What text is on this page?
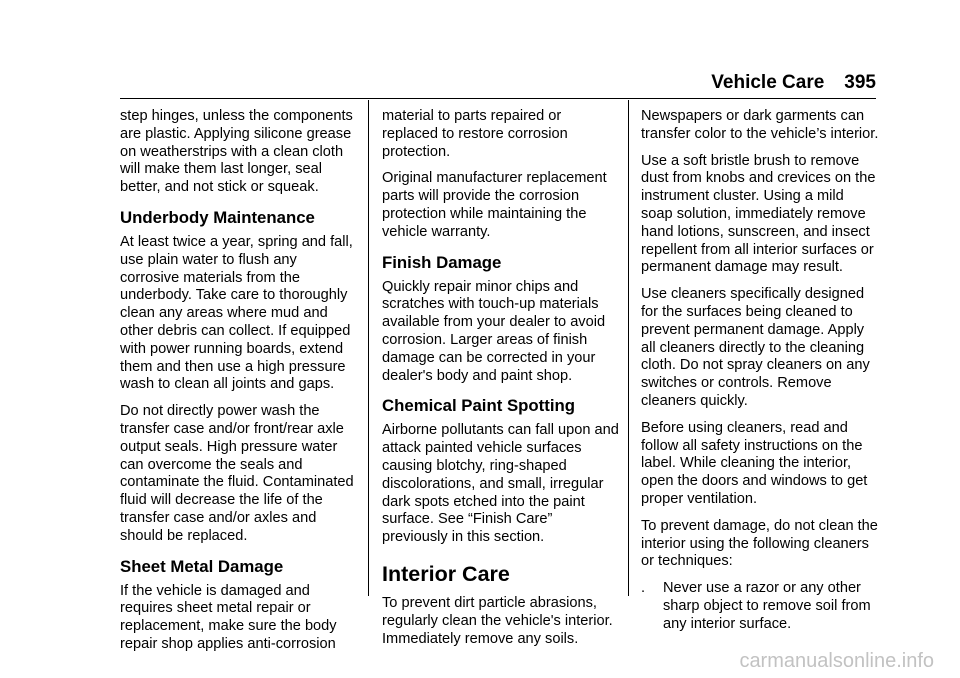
Vehicle Care 395

step hinges, unless the components are plastic. Applying silicone grease on weatherstrips with a clean cloth will make them last longer, seal better, and not stick or squeak.

Underbody Maintenance

At least twice a year, spring and fall, use plain water to flush any corrosive materials from the underbody. Take care to thoroughly clean any areas where mud and other debris can collect. If equipped with power running boards, extend them and then use a high pressure wash to clean all joints and gaps.

Do not directly power wash the transfer case and/or front/rear axle output seals. High pressure water can overcome the seals and contaminate the fluid. Contaminated fluid will decrease the life of the transfer case and/or axles and should be replaced.

Sheet Metal Damage

If the vehicle is damaged and requires sheet metal repair or replacement, make sure the body repair shop applies anti-corrosion

material to parts repaired or replaced to restore corrosion protection.

Original manufacturer replacement parts will provide the corrosion protection while maintaining the vehicle warranty.

Finish Damage

Quickly repair minor chips and scratches with touch-up materials available from your dealer to avoid corrosion. Larger areas of finish damage can be corrected in your dealer's body and paint shop.

Chemical Paint Spotting

Airborne pollutants can fall upon and attack painted vehicle surfaces causing blotchy, ring-shaped discolorations, and small, irregular dark spots etched into the paint surface. See “Finish Care” previously in this section.

Interior Care

To prevent dirt particle abrasions, regularly clean the vehicle's interior. Immediately remove any soils.

Newspapers or dark garments can transfer color to the vehicle’s interior.

Use a soft bristle brush to remove dust from knobs and crevices on the instrument cluster. Using a mild soap solution, immediately remove hand lotions, sunscreen, and insect repellent from all interior surfaces or permanent damage may result.

Use cleaners specifically designed for the surfaces being cleaned to prevent permanent damage. Apply all cleaners directly to the cleaning cloth. Do not spray cleaners on any switches or controls. Remove cleaners quickly.

Before using cleaners, read and follow all safety instructions on the label. While cleaning the interior, open the doors and windows to get proper ventilation.

To prevent damage, do not clean the interior using the following cleaners or techniques:

.	Never use a razor or any other sharp object to remove soil from any interior surface.
carmanualsonline.info
